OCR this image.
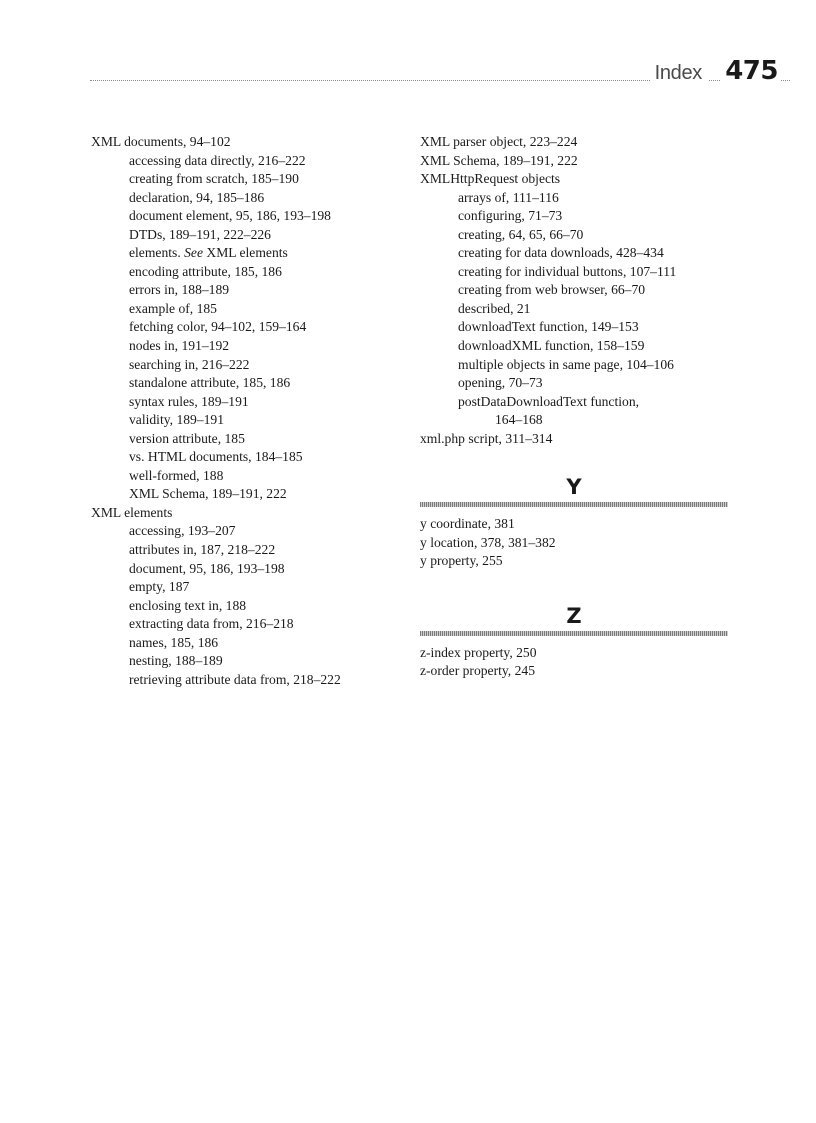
Index 475
XML documents, 94–102
accessing data directly, 216–222
creating from scratch, 185–190
declaration, 94, 185–186
document element, 95, 186, 193–198
DTDs, 189–191, 222–226
elements. See XML elements
encoding attribute, 185, 186
errors in, 188–189
example of, 185
fetching color, 94–102, 159–164
nodes in, 191–192
searching in, 216–222
standalone attribute, 185, 186
syntax rules, 189–191
validity, 189–191
version attribute, 185
vs. HTML documents, 184–185
well-formed, 188
XML Schema, 189–191, 222
XML elements
accessing, 193–207
attributes in, 187, 218–222
document, 95, 186, 193–198
empty, 187
enclosing text in, 188
extracting data from, 216–218
names, 185, 186
nesting, 188–189
retrieving attribute data from, 218–222
XML parser object, 223–224
XML Schema, 189–191, 222
XMLHttpRequest objects
arrays of, 111–116
configuring, 71–73
creating, 64, 65, 66–70
creating for data downloads, 428–434
creating for individual buttons, 107–111
creating from web browser, 66–70
described, 21
downloadText function, 149–153
downloadXML function, 158–159
multiple objects in same page, 104–106
opening, 70–73
postDataDownloadText function,
164–168
xml.php script, 311–314
Y
y coordinate, 381
y location, 378, 381–382
y property, 255
Z
z-index property, 250
z-order property, 245
